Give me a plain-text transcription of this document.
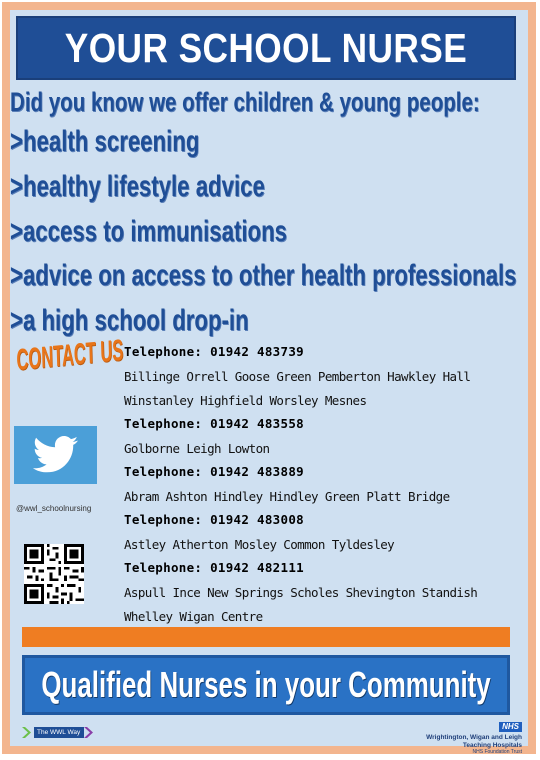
YOUR SCHOOL NURSE
Did you know we offer children & young people:
>health screening
>healthy lifestyle advice
>access to immunisations
>advice on access to other health professionals
>a high school drop-in
CONTACT US Telephone: 01942 483739
Billinge Orrell Goose Green Pemberton Hawkley Hall Winstanley Highfield Worsley Mesnes
Telephone: 01942 483558
Golborne Leigh Lowton
Telephone: 01942 483889
Abram Ashton Hindley Hindley Green Platt Bridge
Telephone: 01942 483008
Astley Atherton Mosley Common Tyldesley
Telephone: 01942 482111
Aspull Ince New Springs Scholes Shevington Standish Whelley Wigan Centre
@wwl_schoolnursing
Qualified Nurses in your Community
The WWL Way
NHS
Wrightington, Wigan and Leigh Teaching Hospitals
NHS Foundation Trust
